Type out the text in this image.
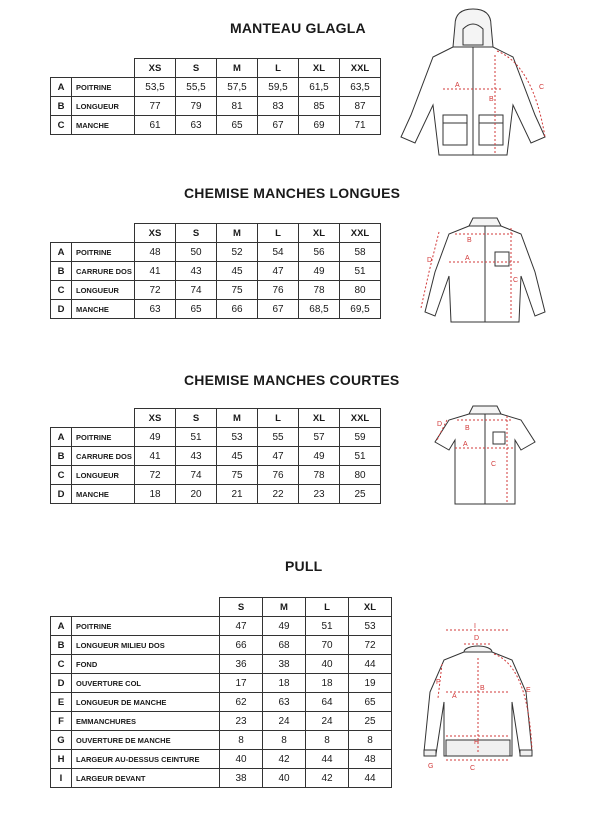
MANTEAU GLAGLA
		XS	S	M	L	XL	XXL
A	POITRINE	53,5	55,5	57,5	59,5	61,5	63,5
B	LONGUEUR	77	79	81	83	85	87
C	MANCHE	61	63	65	67	69	71
A
B
C
CHEMISE MANCHES LONGUES
		XS	S	M	L	XL	XXL
A	POITRINE	48	50	52	54	56	58
B	CARRURE DOS	41	43	45	47	49	51
C	LONGUEUR	72	74	75	76	78	80
D	MANCHE	63	65	66	67	68,5	69,5
A
B
C
D
CHEMISE MANCHES COURTES
		XS	S	M	L	XL	XXL
A	POITRINE	49	51	53	55	57	59
B	CARRURE DOS	41	43	45	47	49	51
C	LONGUEUR	72	74	75	76	78	80
D	MANCHE	18	20	21	22	23	25
A
B
C
D
PULL
		S	M	L	XL
A	POITRINE	47	49	51	53
B	LONGUEUR MILIEU DOS	66	68	70	72
C	FOND	36	38	40	44
D	OUVERTURE COL	17	18	18	19
E	LONGUEUR DE MANCHE	62	63	64	65
F	EMMANCHURES	23	24	24	25
G	OUVERTURE DE MANCHE	8	8	8	8
H	LARGEUR AU-DESSUS CEINTURE	40	42	44	48
I	LARGEUR DEVANT	38	40	42	44
A
B
C
D
E
F
G
H
I
